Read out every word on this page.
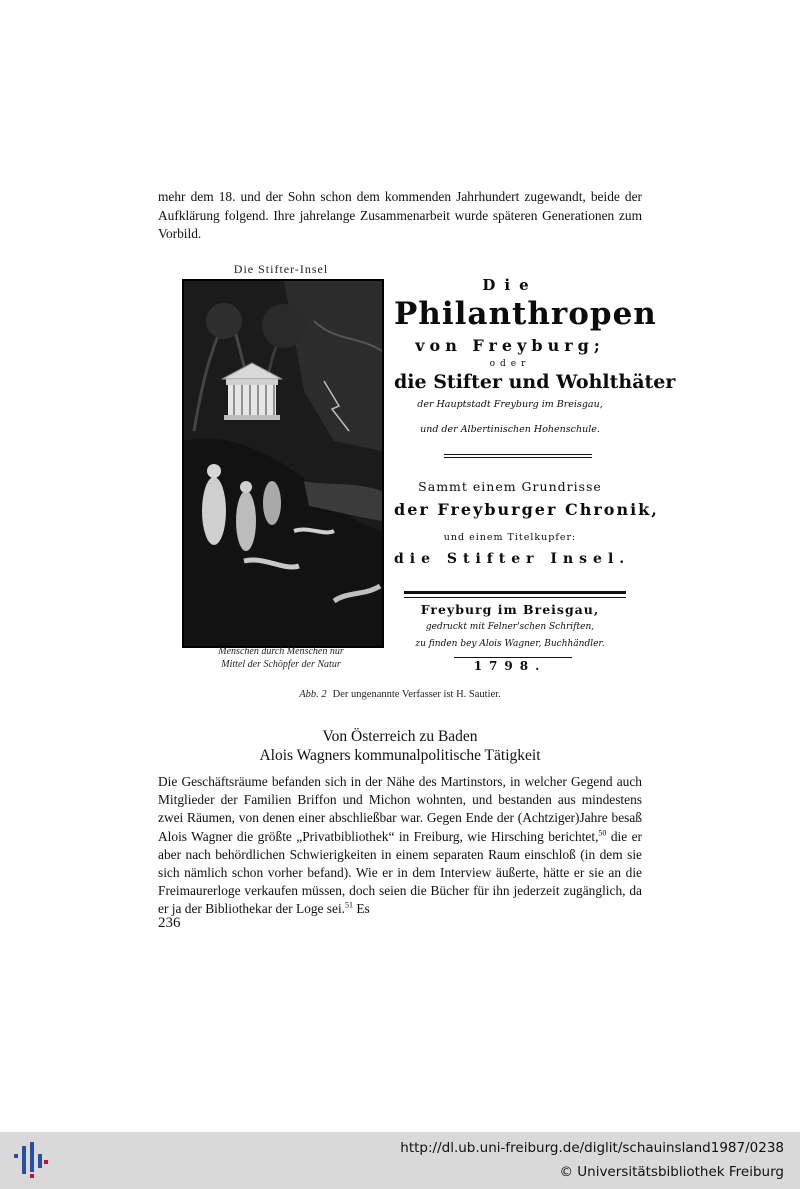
mehr dem 18. und der Sohn schon dem kommenden Jahrhundert zugewandt, beide der Aufklärung folgend. Ihre jahrelange Zusammenarbeit wurde späteren Generationen zum Vorbild.

Die Stifter-Insel
Menschen durch Menschen nur
Mittel der Schöpfer der Natur
Die
Philanthropen
von Freyburg;
oder
die Stifter und Wohlthäter
der Hauptstadt Freyburg im Breisgau,
und der Albertinischen Hohenschule.
Sammt einem Grundrisse
der Freyburger Chronik,
und einem Titelkupfer:
die Stifter Insel.
Freyburg im Breisgau,
gedruckt mit Felner'schen Schriften,
zu finden bey Alois Wagner, Buchhändler.
1798.
Abb. 2 Der ungenannte Verfasser ist H. Sautier.
Von Österreich zu Baden
Alois Wagners kommunalpolitische Tätigkeit

Die Geschäftsräume befanden sich in der Nähe des Martinstors, in welcher Gegend auch Mitglieder der Familien Briffon und Michon wohnten, und bestanden aus mindestens zwei Räumen, von denen einer abschließbar war. Gegen Ende der (Achtziger)Jahre besaß Alois Wagner die größte „Privatbibliothek“ in Freiburg, wie Hirsching berichtet,$^{50}$ die er aber nach behördlichen Schwierigkeiten in einem separaten Raum einschloß (in dem sie sich nämlich schon vorher befand). Wie er in dem Interview äußerte, hätte er sie an die Freimaurerloge verkaufen müssen, doch seien die Bücher für ihn jederzeit zugänglich, da er ja der Bibliothekar der Loge sei.$^{51}$ Es

236
http://dl.ub.uni-freiburg.de/diglit/schauinsland1987/0238
© Universitätsbibliothek Freiburg
